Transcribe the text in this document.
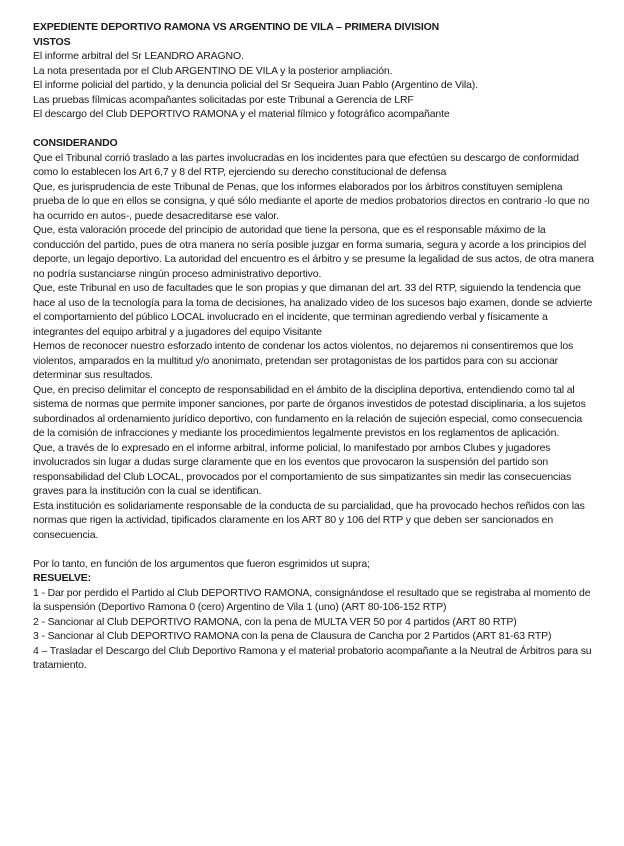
EXPEDIENTE DEPORTIVO RAMONA VS ARGENTINO DE VILA – PRIMERA DIVISION

VISTOS

El informe arbitral del Sr LEANDRO ARAGNO.

La nota presentada por el Club ARGENTINO DE VILA y la posterior ampliación.

El informe policial del partido, y la denuncia policial del Sr Sequeira Juan Pablo (Argentino de Vila).

Las pruebas fílmicas acompañantes solicitadas por este Tribunal a Gerencia de LRF

El descargo del Club DEPORTIVO RAMONA y el material fílmico y fotográfico acompañante

CONSIDERANDO

Que el Tribunal corrió traslado a las partes involucradas en los incidentes para que efectúen su descargo de conformidad como lo establecen los Art 6,7 y 8 del RTP, ejerciendo su derecho constitucional de defensa

Que, es jurisprudencia de este Tribunal de Penas, que los informes elaborados por los árbitros constituyen semiplena prueba de lo que en ellos se consigna, y qué sólo mediante el aporte de medios probatorios directos en contrario -lo que no ha ocurrido en autos-, puede desacreditarse ese valor.

Que, esta valoración procede del principio de autoridad que tiene la persona, que es el responsable máximo de la conducción del partido, pues de otra manera no sería posible juzgar en forma sumaria, segura y acorde a los principios del deporte, un legajo deportivo. La autoridad del encuentro es el árbitro y se presume la legalidad de sus actos, de otra manera no podría sustanciarse ningún proceso administrativo deportivo.

Que, este Tribunal en uso de facultades que le son propias y que dimanan del art. 33 del RTP, siguiendo la tendencia que hace al uso de la tecnología para la toma de decisiones, ha analizado video de los sucesos bajo examen, donde se advierte el comportamiento del público LOCAL involucrado en el incidente, que terminan agrediendo verbal y físicamente a integrantes del equipo arbitral y a jugadores del equipo Visitante

Hemos de reconocer nuestro esforzado intento de condenar los actos violentos, no dejaremos ni consentiremos que los violentos, amparados en la multitud y/o anonimato, pretendan ser protagonistas de los partidos para con su accionar determinar sus resultados.

Que, en preciso delimitar el concepto de responsabilidad en el ámbito de la disciplina deportiva, entendiendo como tal al sistema de normas que permite imponer sanciones, por parte de órganos investidos de potestad disciplinaria, a los sujetos subordinados al ordenamiento jurídico deportivo, con fundamento en la relación de sujeción especial, como consecuencia de la comisión de infracciones y mediante los procedimientos legalmente previstos en los reglamentos de aplicación.

Que, a través de lo expresado en el informe arbitral, informe policial, lo manifestado por ambos Clubes y jugadores involucrados sin lugar a dudas surge claramente que en los eventos que provocaron la suspensión del partido son responsabilidad del Club LOCAL, provocados por el comportamiento de sus simpatizantes sin medir las consecuencias graves para la institución con la cual se identifican.

Esta institución es solidariamente responsable de la conducta de su parcialidad, que ha provocado hechos reñidos con las normas que rigen la actividad, tipificados claramente en los ART 80 y 106 del RTP y que deben ser sancionados en consecuencia.

Por lo tanto, en función de los argumentos que fueron esgrimidos ut supra;

RESUELVE:

1 - Dar por perdido el Partido al Club DEPORTIVO RAMONA, consignándose el resultado que se registraba al momento de la suspensión (Deportivo Ramona 0 (cero) Argentino de Vila 1 (uno) (ART 80-106-152 RTP)

2 - Sancionar al Club DEPORTIVO RAMONA, con la pena de MULTA VER 50 por 4 partidos (ART 80 RTP)

3 - Sancionar al Club DEPORTIVO RAMONA con la pena de Clausura de Cancha por 2 Partidos (ART 81-63 RTP)

4 – Trasladar el Descargo del Club Deportivo Ramona y el material probatorio acompañante a la Neutral de Árbitros para su tratamiento.
